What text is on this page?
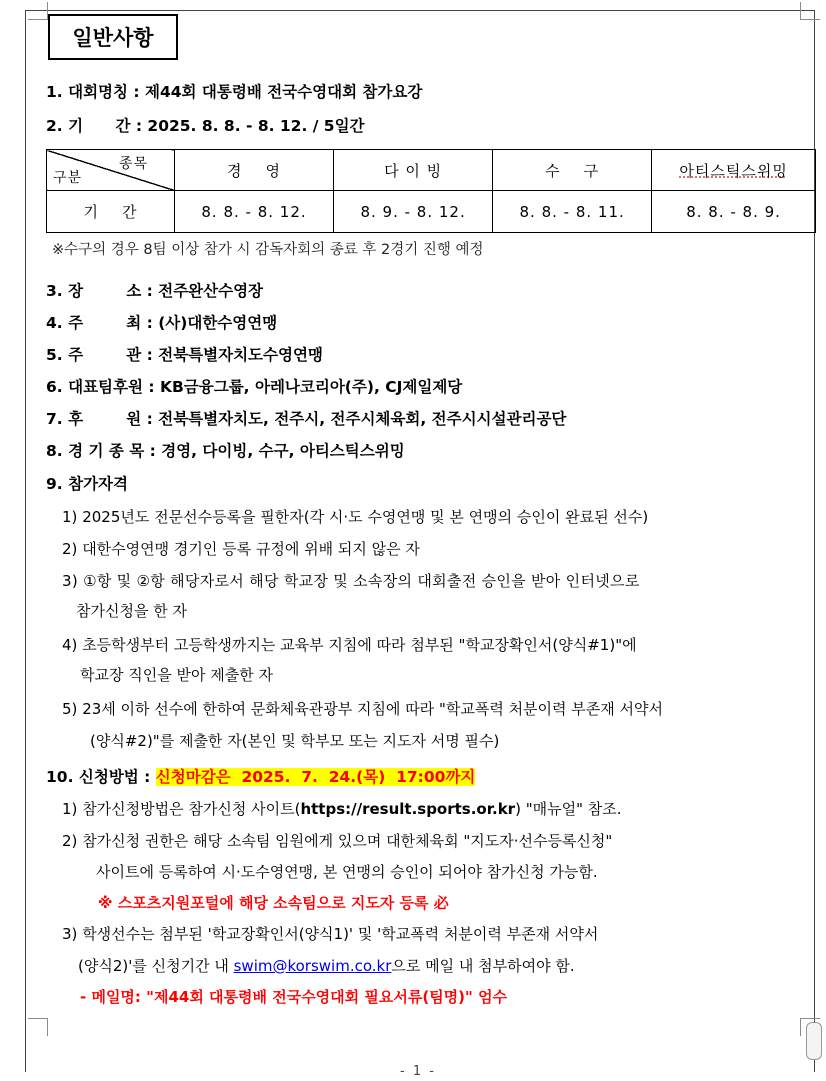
일반사항
1. 대회명칭 : 제44회 대통령배 전국수영대회 참가요강
2. 기      간 : 2025. 8. 8. - 8. 12. / 5일간
종목
구분	경    영	다 이 빙	수    구	아티스틱스위밍
기    간	8. 8. - 8. 12.	8. 9. - 8. 12.	8. 8. - 8. 11.	8. 8. - 8. 9.
※수구의 경우 8팀 이상 참가 시 감독자회의 종료 후 2경기 진행 예정
3. 장        소 : 전주완산수영장
4. 주        최 : (사)대한수영연맹
5. 주        관 : 전북특별자치도수영연맹
6. 대표팀후원 : KB금융그룹, 아레나코리아(주), CJ제일제당
7. 후        원 : 전북특별자치도, 전주시, 전주시체육회, 전주시시설관리공단
8. 경 기 종 목 : 경영, 다이빙, 수구, 아티스틱스위밍
9. 참가자격
1) 2025년도 전문선수등록을 필한자(각 시·도 수영연맹 및 본 연맹의 승인이 완료된 선수)
2) 대한수영연맹 경기인 등록 규정에 위배 되지 않은 자
3) ①항 및 ②항 해당자로서 해당 학교장 및 소속장의 대회출전 승인을 받아 인터넷으로
참가신청을 한 자
4) 초등학생부터 고등학생까지는 교육부 지침에 따라 첨부된 "학교장확인서(양식#1)"에
학교장 직인을 받아 제출한 자
5) 23세 이하 선수에 한하여 문화체육관광부 지침에 따라 "학교폭력 처분이력 부존재 서약서
(양식#2)"를 제출한 자(본인 및 학부모 또는 지도자 서명 필수)
10. 신청방법 : 신청마감은  2025.  7.  24.(목)  17:00까지
1) 참가신청방법은 참가신청 사이트(https://result.sports.or.kr) "매뉴얼" 참조.
2) 참가신청 권한은 해당 소속팀 임원에게 있으며 대한체육회 "지도자·선수등록신청"
사이트에 등록하여 시·도수영연맹, 본 연맹의 승인이 되어야 참가신청 가능함.
※ 스포츠지원포털에 해당 소속팀으로 지도자 등록 必
3) 학생선수는 첨부된 '학교장확인서(양식1)' 및 '학교폭력 처분이력 부존재 서약서
(양식2)'를 신청기간 내 swim@korswim.co.kr으로 메일 내 첨부하여야 함.
- 메일명: "제44회 대통령배 전국수영대회 필요서류(팀명)" 엄수
- 1 -
